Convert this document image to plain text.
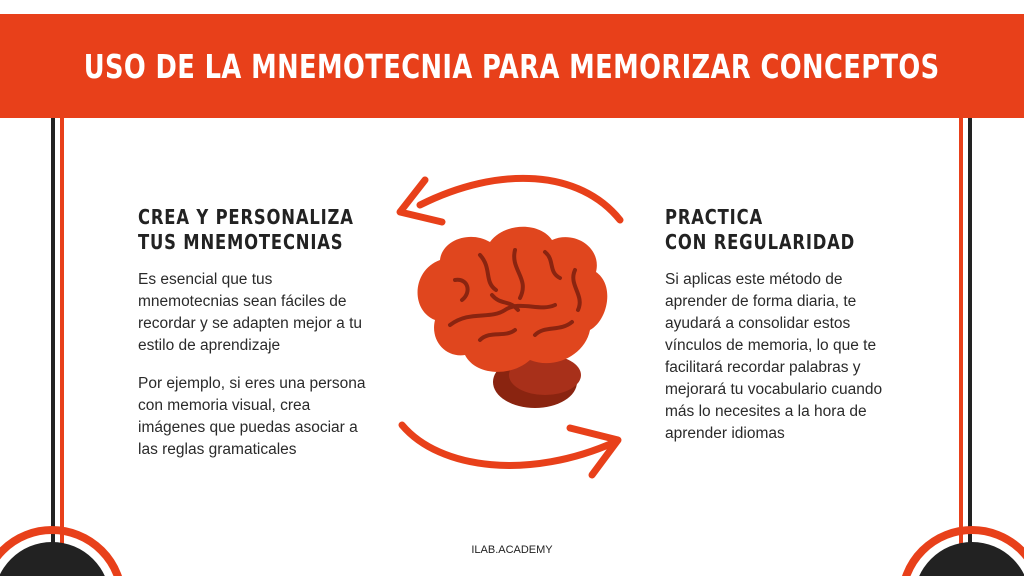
USO DE LA MNEMOTECNIA PARA MEMORIZAR CONCEPTOS
CREA Y PERSONALIZA
TUS MNEMOTECNIAS

Es esencial que tus mnemotecnias sean fáciles de recordar y se adapten mejor a tu estilo de aprendizaje

Por ejemplo, si eres una persona con memoria visual, crea imágenes que puedas asociar a las reglas gramaticales

PRACTICA
CON REGULARIDAD

Si aplicas este método de aprender de forma diaria, te ayudará a consolidar estos vínculos de memoria, lo que te facilitará recordar palabras y mejorará tu vocabulario cuando más lo necesites a la hora de aprender idiomas

ILAB.ACADEMY
